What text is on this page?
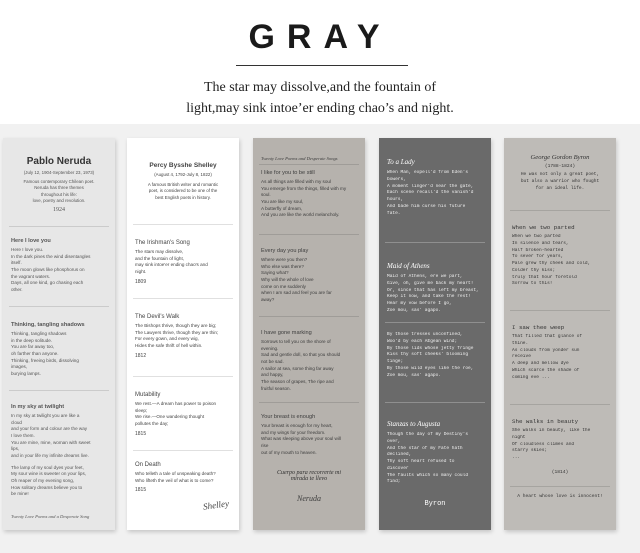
GRAY
The star may dissolve,and the fountain of
light,may sink intoe’er ending chao’s and night.
Pablo Neruda
(July 12, 1904-September 23, 1973)
Famous contemporary Chilean poet.
Neruda has three themes
throughout his life:
love, poetry and revolution.
1924
Here I love you
Here I love you.
In the dark pines the wind disentangles
itself.
The moon glows like phosphorus on
the vagrant waters.
Days, all one kind, go chasing each
other.
Thinking, tangling shadows
Thinking, tangling shadows
in the deep solitude.
You are far away too,
oh farther than anyone.
Thinking, freeing birds, dissolving
images,
burying lamps.
In my sky at twilight
In my sky at twilight you are like a
cloud
and your form and colour are the way
I love them.
You are mine, mine, woman with sweet
lips,
and in your life my infinite dreams live.
The lamp of my soul dyes your feet,
My sour wine is sweeter on your lips,
Oh reaper of my evening song,
How solitary dreams believe you to
be mine!
Twenty Love Poems and a Desperate Song
Percy Bysshe Shelley
(August 4, 1792-July 8, 1822)
A famous British writer and romantic
poet, is considered to be one of the
best English poets in history.
The Irishman's Song
The stars may dissolve,
and the fountain of light,
may sink intoe'er ending chao's and
night.
1809
The Devil's Walk
The Bishops thrive, though they are big;
The Lawyers thrive, though they are thin;
For every gown, and every wig,
Hides the safe thrift of hell within.
1812
Mutability
We rest.—A dream has power to poison
sleep;
We rise.—One wandering thought
pollutes the day;
1815
On Death
Who telleth a tale of unspeaking death?
Who lifteth the veil of what is to come?
1815
Shelley
Twenty Love Poems and Desperate Songs
I like for you to be still
As all things are filled with my soul
You emerge from the things, filled with my
soul.
You are like my soul,
A butterfly of dream,
And you are like the world melancholy.
Every day you play
Where were you then?
Who else was there?
Saying what?
Why will the whole of love
come on me suddenly
when I am sad and feel you are far
away?
I have gone marking
Sorrows to tell you on the shore of
evening.
Sad and gentle doll, so that you should
not be sad.
A sailor at sea, some thing far away
and happy,
The season of grapes, The ripe and
fruitful season.
Your breast is enough
Your breast is enough for my heart,
and my wings for your freedom.
What was sleeping above your soul will
rise
out of my mouth to heaven.
Cuerpo para recorrerte mi
mirada te llevo
Neruda
To a Lady
When Man, expell'd from Eden's
bowers,
A moment linger'd near the gate,
Each scene recall'd the vanish'd
hours,
And bade him curse his future
fate.
Maid of Athens
Maid of Athens, ere we part,
Give, oh, give me back my heart!
Or, since that has left my breast,
Keep it now, and take the rest!
Hear my vow before I go,
Zoe mou, sas' agapo.
By those tresses unconfined,
Woo'd by each AEgean wind;
By those lids whose jetty fringe
Kiss thy soft cheeks' blooming
tinge;
By those wild eyes like the roe,
Zoe mou, sas' agapo.
Stanzas to Augusta
Though the day of my Destiny's
over,
And the star of my Fate hath
declined,
Thy soft heart refused to
discover
The faults which so many could
find;
Byron
George Gordon Byron
(1788-1824)
He was not only a great poet,
but also a warrior who fought
for an ideal life.
When we two parted
When we two parted
In silence and tears,
Half broken-hearted
To sever for years,
Pale grew thy cheek and cold,
Colder thy kiss;
truly that hour foretold
Sorrow to this!
I saw thee weep
That filled that glance of
thine.
As clouds from yonder sun
receive
A deep and mellow dye
Which scarce the shade of
coming eve ...
She walks in beauty
She walks in beauty, like the
night
Of cloudless climes and
starry skies;
...
(1814)
A heart whose love is innocent!
